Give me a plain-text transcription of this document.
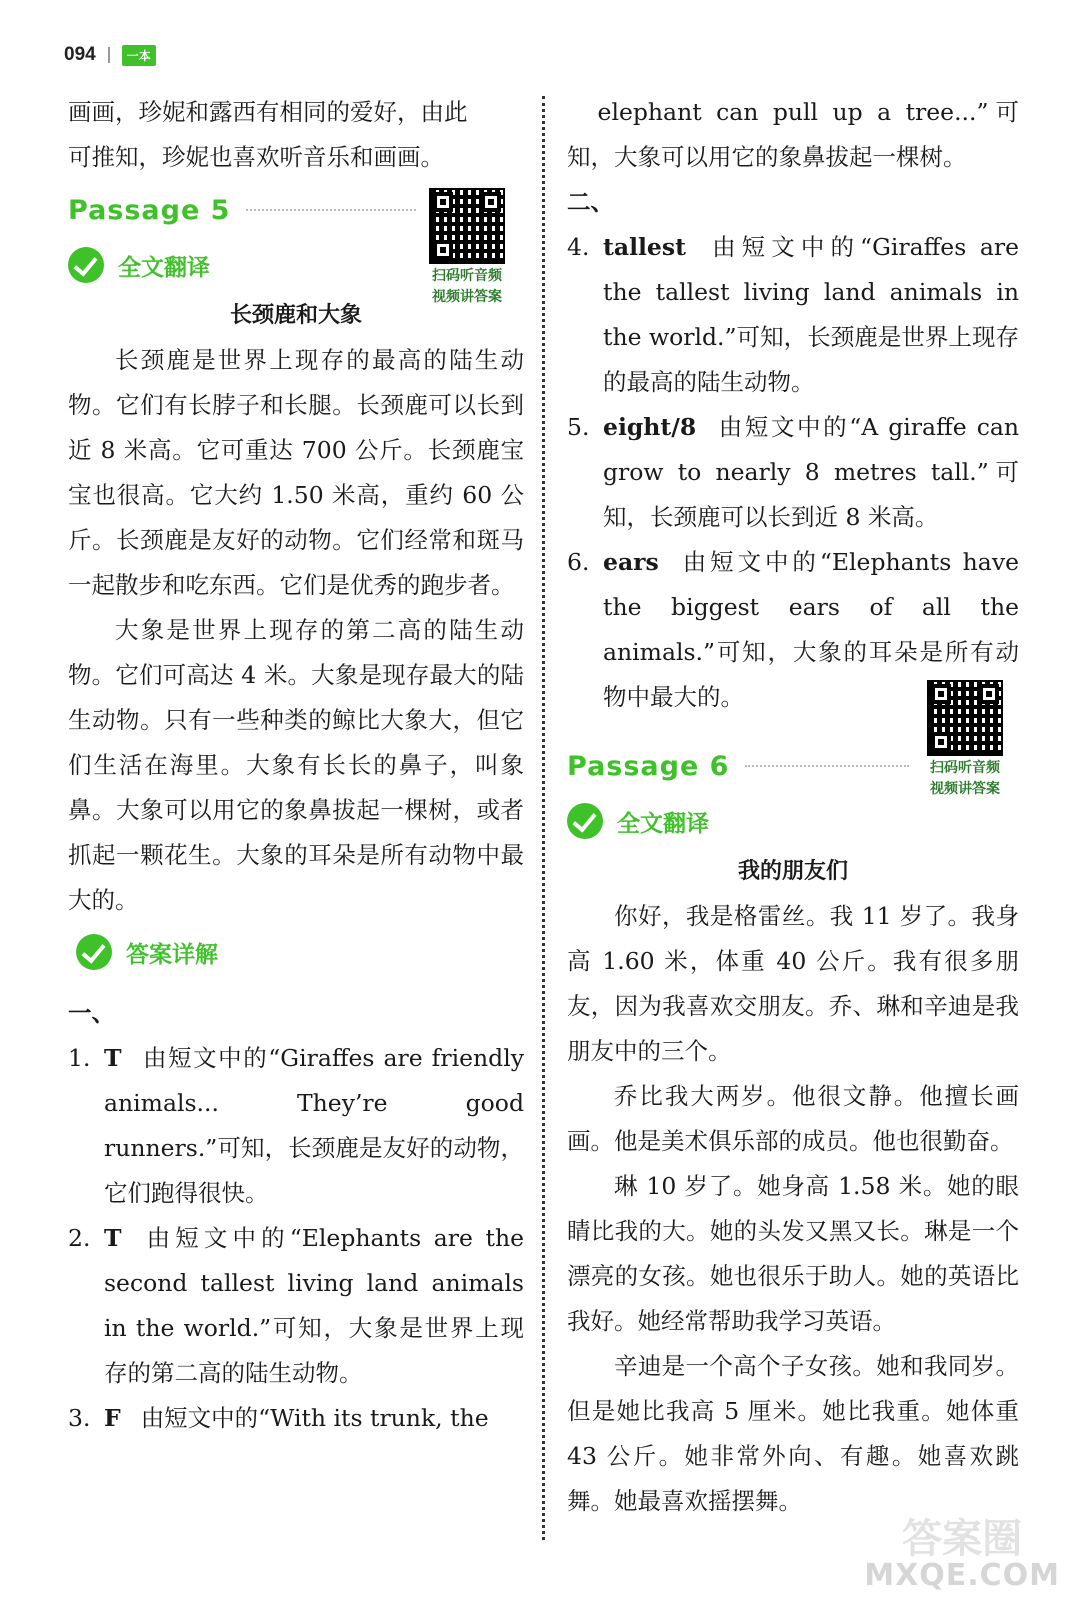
094	一本

画画，珍妮和露西有相同的爱好，由此

可推知，珍妮也喜欢听音乐和画画。

Passage 5
全文翻译

长颈鹿和大象

长颈鹿是世界上现存的最高的陆生动物。它们有长脖子和长腿。长颈鹿可以长到近 8 米高。它可重达 700 公斤。长颈鹿宝宝也很高。它大约 1.50 米高，重约 60 公斤。长颈鹿是友好的动物。它们经常和斑马一起散步和吃东西。它们是优秀的跑步者。

大象是世界上现存的第二高的陆生动物。它们可高达 4 米。大象是现存最大的陆生动物。只有一些种类的鲸比大象大，但它们生活在海里。大象有长长的鼻子，叫象鼻。大象可以用它的象鼻拔起一棵树，或者抓起一颗花生。大象的耳朵是所有动物中最大的。

答案详解

一、

1. T 由短文中的“Giraffes are friendly animals... They’re good runners.”可知，长颈鹿是友好的动物，它们跑得很快。

2. T 由短文中的“Elephants are the second tallest living land animals in the world.”可知，大象是世界上现存的第二高的陆生动物。

3. F 由短文中的“With its trunk, the

扫码听音频
视频讲答案

elephant can pull up a tree...”可知，大象可以用它的象鼻拔起一棵树。

二、

4. tallest 由短文中的“Giraffes are the tallest living land animals in the world.”可知，长颈鹿是世界上现存的最高的陆生动物。

5. eight/8 由短文中的“A giraffe can grow to nearly 8 metres tall.”可知，长颈鹿可以长到近 8 米高。

6. ears 由短文中的“Elephants have the biggest ears of all the animals.”可知，大象的耳朵是所有动物中最大的。

Passage 6
全文翻译

我的朋友们

你好，我是格雷丝。我 11 岁了。我身高 1.60 米，体重 40 公斤。我有很多朋友，因为我喜欢交朋友。乔、琳和辛迪是我朋友中的三个。

乔比我大两岁。他很文静。他擅长画画。他是美术俱乐部的成员。他也很勤奋。

琳 10 岁了。她身高 1.58 米。她的眼睛比我的大。她的头发又黑又长。琳是一个漂亮的女孩。她也很乐于助人。她的英语比我好。她经常帮助我学习英语。

辛迪是一个高个子女孩。她和我同岁。但是她比我高 5 厘米。她比我重。她体重 43 公斤。她非常外向、有趣。她喜欢跳舞。她最喜欢摇摆舞。

扫码听音频
视频讲答案
答案圈
MXQE.COM
